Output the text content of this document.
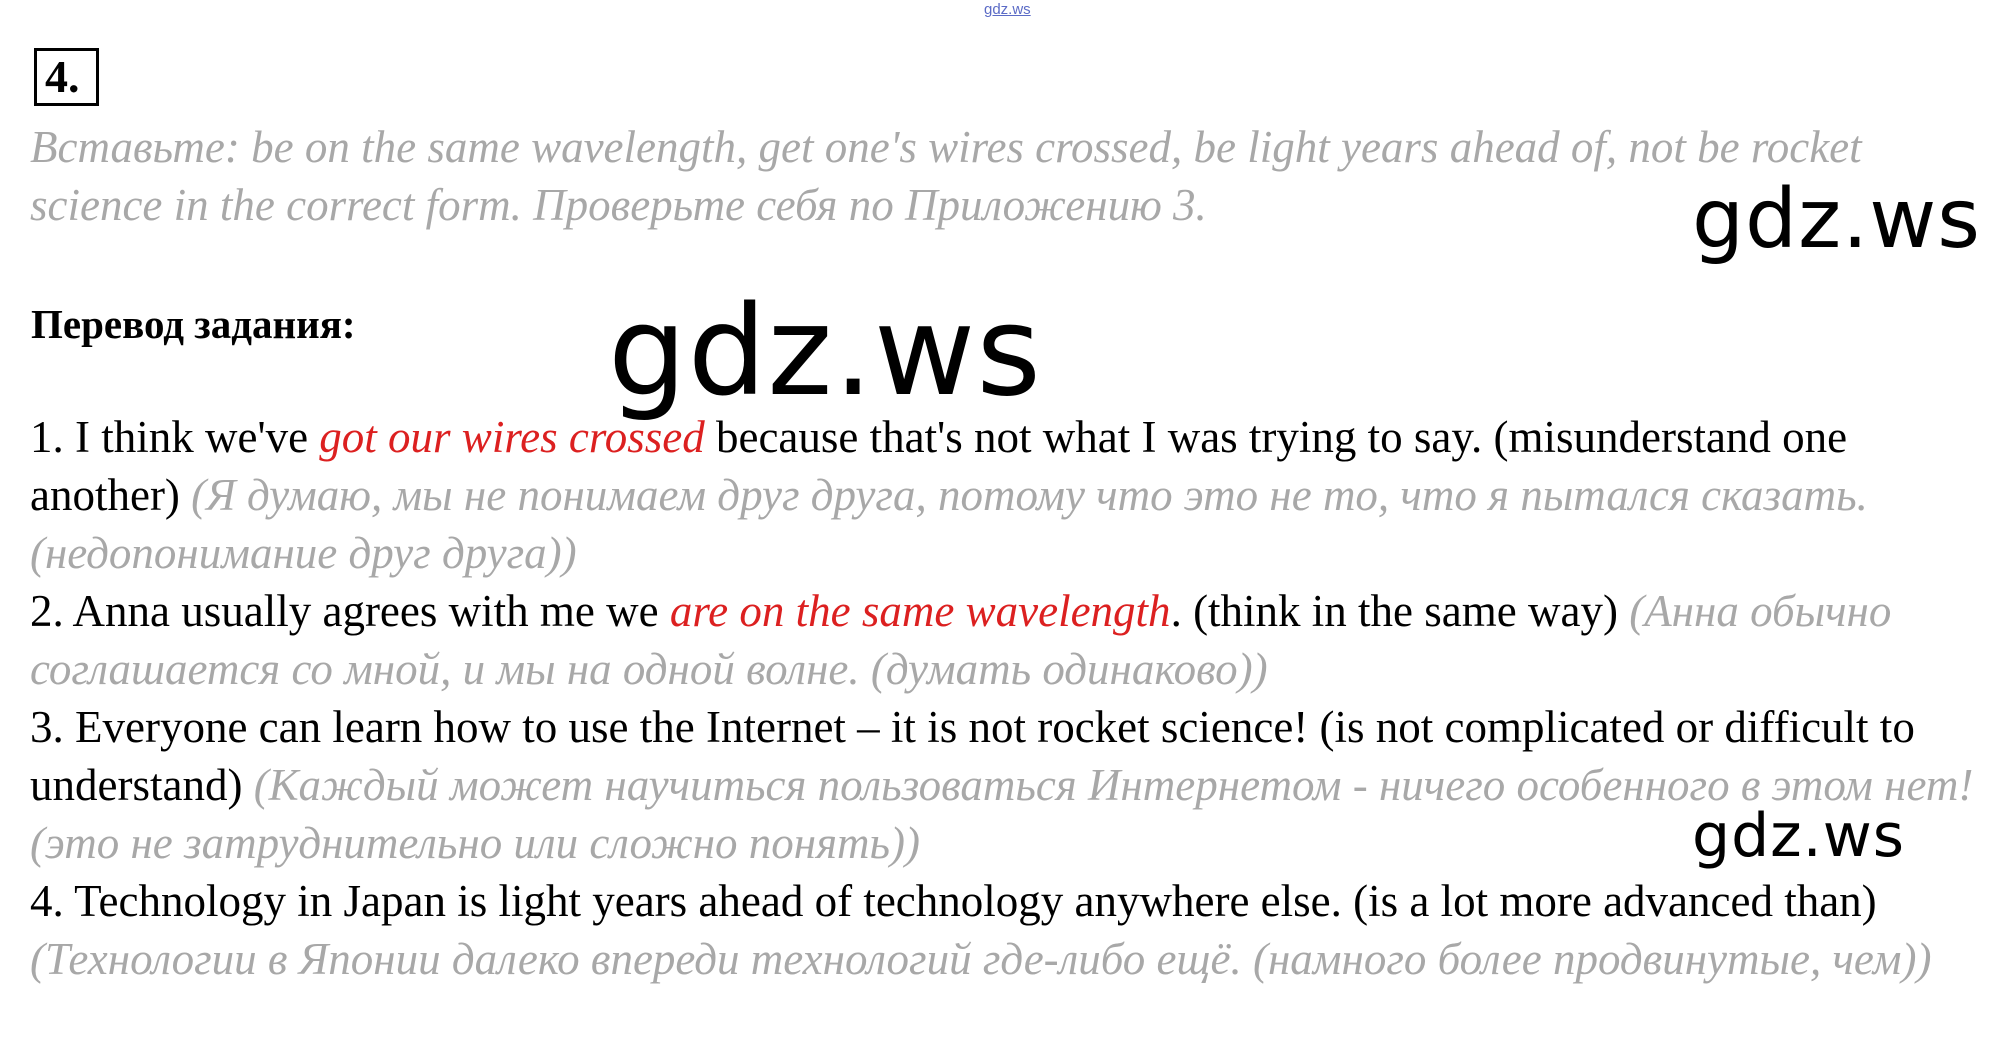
gdz.ws
4.

Вставьте: be on the same wavelength, get one's wires crossed, be light years ahead of, not be rocket science in the correct form. Проверьте себя по Приложению 3.	gdz.ws
Перевод задания: gdz.ws

1. I think we've got our wires crossed because that's not what I was trying to say. (misunderstand one another) (Я думаю, мы не понимаем друг друга, потому что это не то, что я пытался сказать. (недопонимание друг друга))

2. Anna usually agrees with me we are on the same wavelength. (think in the same way) (Анна обычно соглашается со мной, и мы на одной волне. (думать одинаково))

3. Everyone can learn how to use the Internet – it is not rocket science! (is not complicated or difficult to understand) (Каждый может научиться пользоваться Интернетом - ничего особенного в этом нет! (это не затруднительно или сложно понять))

4. Technology in Japan is light years ahead of technology anywhere else. (is a lot more advanced than) (Технологии в Японии далеко впереди технологий где-либо ещё. (намного более продвинутые, чем))

gdz.ws
